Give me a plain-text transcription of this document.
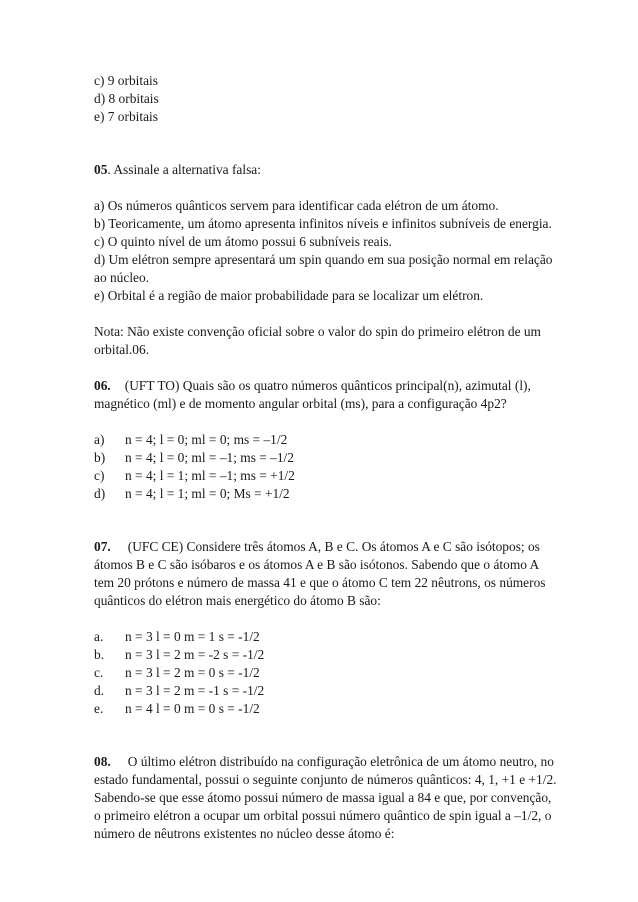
c) 9 orbitais
d) 8 orbitais
e) 7 orbitais
05. Assinale a alternativa falsa:
a) Os números quânticos servem para identificar cada elétron de um átomo.
b) Teoricamente, um átomo apresenta infinitos níveis e infinitos subníveis de energia.
c) O quinto nível de um átomo possui 6 subníveis reais.
d) Um elétron sempre apresentará um spin quando em sua posição normal em relação
ao núcleo.
e) Orbital é a região de maior probabilidade para se localizar um elétron.
Nota: Não existe convenção oficial sobre o valor do spin do primeiro elétron de um
orbital.06.
06. (UFT TO) Quais são os quatro números quânticos principal(n), azimutal (l),
magnético (ml) e de momento angular orbital (ms), para a configuração 4p2?
a)	n = 4; l = 0; ml = 0; ms = –1/2
b)	n = 4; l = 0; ml = –1; ms = –1/2
c)	n = 4; l = 1; ml = –1; ms = +1/2
d)	n = 4; l = 1; ml = 0; Ms = +1/2
07. (UFC CE) Considere três átomos A, B e C. Os átomos A e C são isótopos; os
átomos B e C são isóbaros e os átomos A e B são isótonos. Sabendo que o átomo A
tem 20 prótons e número de massa 41 e que o átomo C tem 22 nêutrons, os números
quânticos do elétron mais energético do átomo B são:
a.	n = 3 l = 0 m = 1 s = -1/2
b.	n = 3 l = 2 m = -2 s = -1/2
c.	n = 3 l = 2 m = 0 s = -1/2
d.	n = 3 l = 2 m = -1 s = -1/2
e.	n = 4 l = 0 m = 0 s = -1/2
08. O último elétron distribuído na configuração eletrônica de um átomo neutro, no
estado fundamental, possui o seguinte conjunto de números quânticos: 4, 1, +1 e +1/2.
Sabendo-se que esse átomo possui número de massa igual a 84 e que, por convenção,
o primeiro elétron a ocupar um orbital possui número quântico de spin igual a –1/2, o
número de nêutrons existentes no núcleo desse átomo é:
